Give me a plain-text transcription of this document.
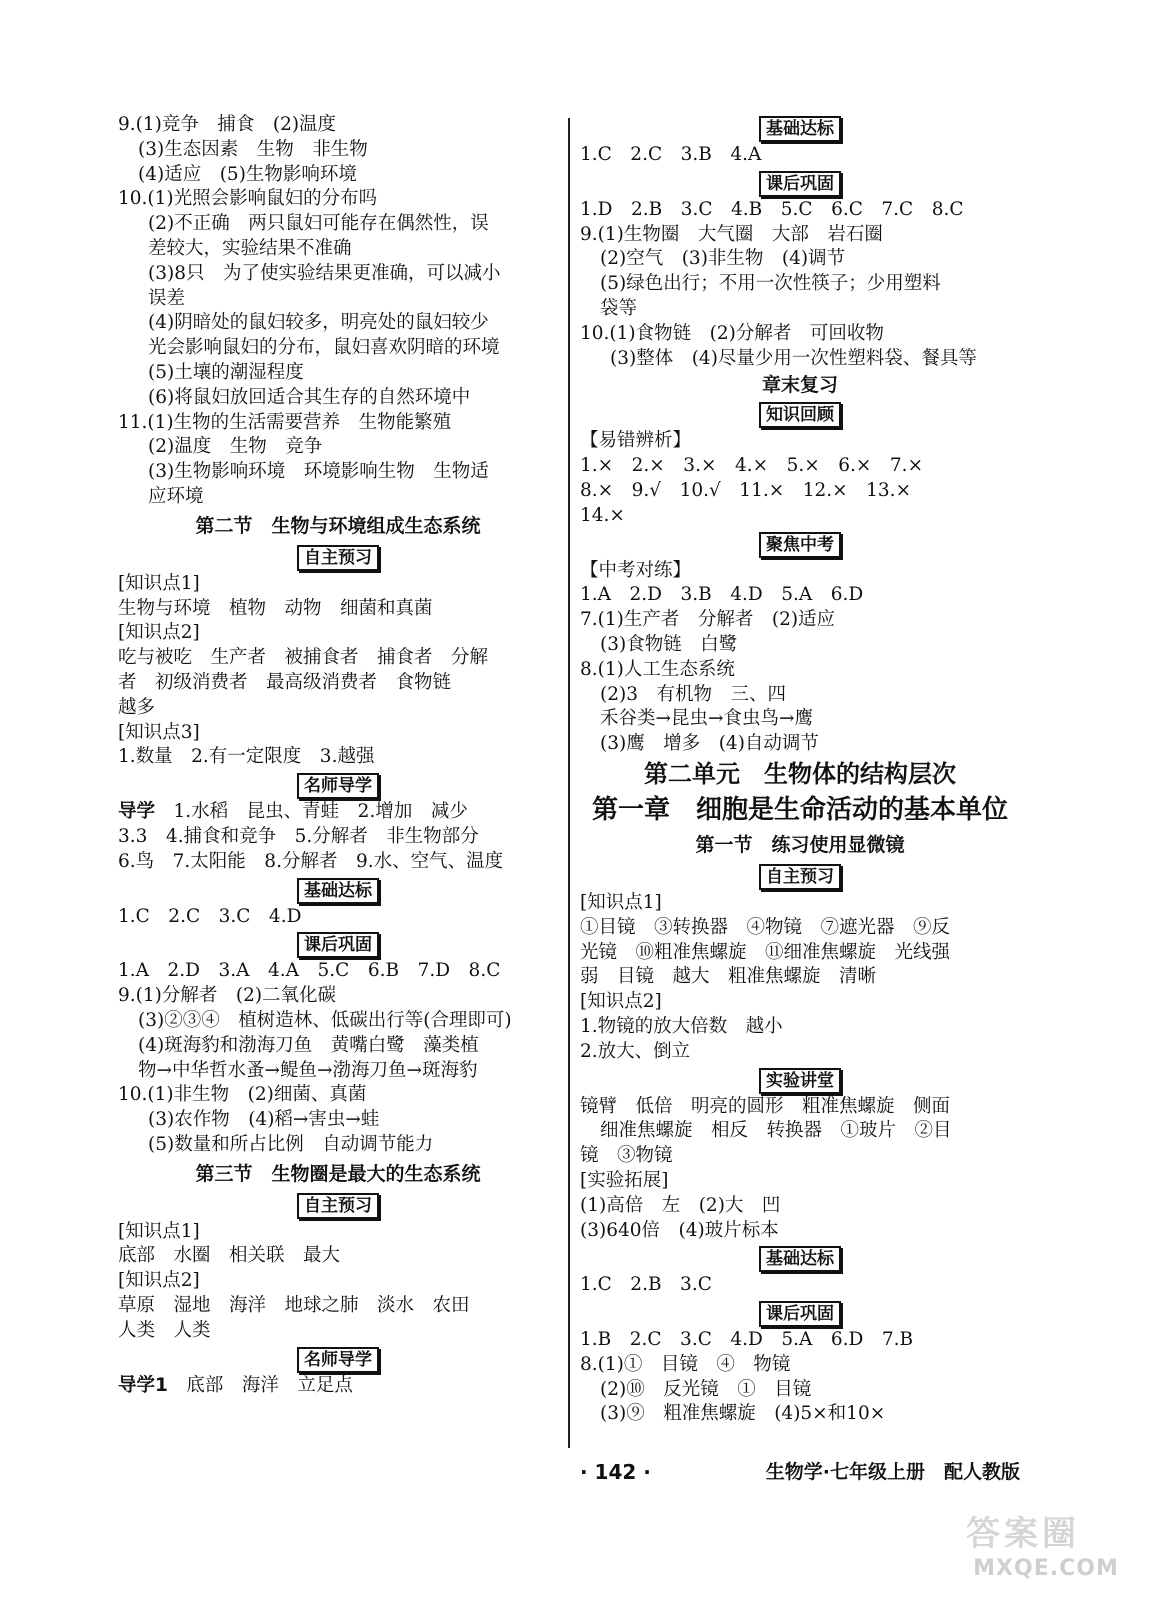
9.(1)竞争　捕食　(2)温度
(3)生态因素　生物　非生物
(4)适应　(5)生物影响环境
10.(1)光照会影响鼠妇的分布吗
(2)不正确　两只鼠妇可能存在偶然性，误
差较大，实验结果不准确
(3)8只　为了使实验结果更准确，可以减小
误差
(4)阴暗处的鼠妇较多，明亮处的鼠妇较少
光会影响鼠妇的分布，鼠妇喜欢阴暗的环境
(5)土壤的潮湿程度
(6)将鼠妇放回适合其生存的自然环境中
11.(1)生物的生活需要营养　生物能繁殖
(2)温度　生物　竞争
(3)生物影响环境　环境影响生物　生物适
应环境
第二节　生物与环境组成生态系统
自主预习
[知识点1]
生物与环境　植物　动物　细菌和真菌
[知识点2]
吃与被吃　生产者　被捕食者　捕食者　分解
者　初级消费者　最高级消费者　食物链
越多
[知识点3]
1.数量　2.有一定限度　3.越强
名师导学
导学　1.水稻　昆虫、青蛙　2.增加　减少
3.3　4.捕食和竞争　5.分解者　非生物部分
6.鸟　7.太阳能　8.分解者　9.水、空气、温度
基础达标
1.C　2.C　3.C　4.D
课后巩固
1.A　2.D　3.A　4.A　5.C　6.B　7.D　8.C
9.(1)分解者　(2)二氧化碳
(3)②③④　植树造林、低碳出行等(合理即可)
(4)斑海豹和渤海刀鱼　黄嘴白鹭　藻类植
物→中华哲水蚤→鳀鱼→渤海刀鱼→斑海豹
10.(1)非生物　(2)细菌、真菌
(3)农作物　(4)稻→害虫→蛙
(5)数量和所占比例　自动调节能力
第三节　生物圈是最大的生态系统
自主预习
[知识点1]
底部　水圈　相关联　最大
[知识点2]
草原　湿地　海洋　地球之肺　淡水　农田
人类　人类
名师导学
导学1　底部　海洋　立足点
基础达标
1.C　2.C　3.B　4.A
课后巩固
1.D　2.B　3.C　4.B　5.C　6.C　7.C　8.C
9.(1)生物圈　大气圈　大部　岩石圈
(2)空气　(3)非生物　(4)调节
(5)绿色出行；不用一次性筷子；少用塑料
袋等
10.(1)食物链　(2)分解者　可回收物
(3)整体　(4)尽量少用一次性塑料袋、餐具等
章末复习
知识回顾
【易错辨析】
1.×　2.×　3.×　4.×　5.×　6.×　7.×
8.×　9.√　10.√　11.×　12.×　13.×
14.×
聚焦中考
【中考对练】
1.A　2.D　3.B　4.D　5.A　6.D
7.(1)生产者　分解者　(2)适应
(3)食物链　白鹭
8.(1)人工生态系统
(2)3　有机物　三、四
禾谷类→昆虫→食虫鸟→鹰
(3)鹰　增多　(4)自动调节
第二单元　生物体的结构层次
第一章　细胞是生命活动的基本单位
第一节　练习使用显微镜
自主预习
[知识点1]
①目镜　③转换器　④物镜　⑦遮光器　⑨反
光镜　⑩粗准焦螺旋　⑪细准焦螺旋　光线强
弱　目镜　越大　粗准焦螺旋　清晰
[知识点2]
1.物镜的放大倍数　越小
2.放大、倒立
实验讲堂
镜臂　低倍　明亮的圆形　粗准焦螺旋　侧面
细准焦螺旋　相反　转换器　①玻片　②目
镜　③物镜
[实验拓展]
(1)高倍　左　(2)大　凹
(3)640倍　(4)玻片标本
基础达标
1.C　2.B　3.C
课后巩固
1.B　2.C　3.C　4.D　5.A　6.D　7.B
8.(1)①　目镜　④　物镜
(2)⑩　反光镜　①　目镜
(3)⑨　粗准焦螺旋　(4)5×和10×
· 142 ·	生物学·七年级上册　配人教版
答案圈
MXQE.COM
